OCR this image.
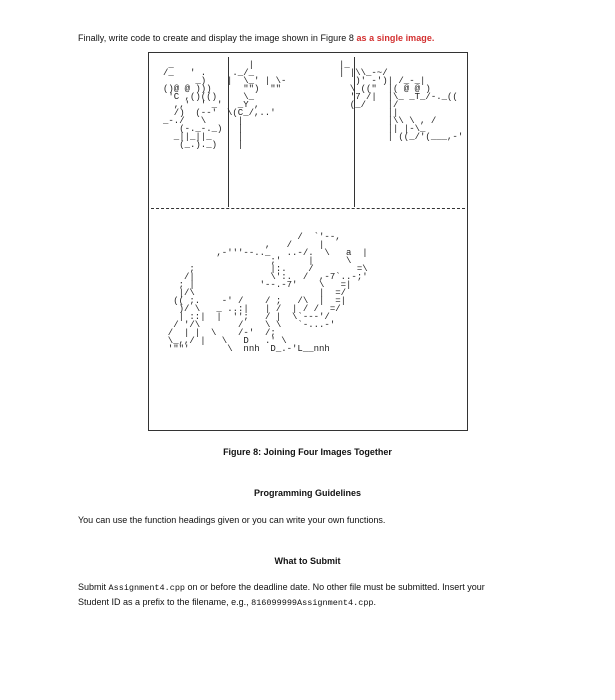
Finally, write code to create and display the image shown in Figure 8 as a single image.
_
/_   ' .
_)
()@ @ )))
'C ,()(()
,,'  ' _'
/)  (--'
_-./   \
(-._-._)
_||_||_
(_.)._)
|
._/_
|  \_' | \-
"")  ""
\_
_Y ,
\(C_/,..'
|
|
|
|
|_
| |\\_-~/
)' -')| /_-_|
\ (("  |( @ @ )
'7 /|  |\_ _T_/-._((
(_/    |/
||
|\\ \ , /
|| |-\_
| ((_/'(___,-'
/  `'--,
,   /     |
,-'''--.._   ..-/.  \   a  |
;'     |      \
;              |:.    /        =\
/|              \':.  /  ,-7`..-;'
; |            '--.-7'    \   =|
|/\                       |  =/
(( ;.    -' /    / ;   /\  |  =|
)/ \   _ ..:|   | /  | / /  =/
| ::|  |  '';   / |  \`---'/
/ '/\       /    \ \   `-...-'
/  | |  \    /-'  /;
\_,,/ |   \   D   .' \
'""'       \  nnh  D_.-'L__nnh
Figure 8: Joining Four Images Together
Programming Guidelines
You can use the function headings given or you can write your own functions.
What to Submit
Submit Assignment4.cpp on or before the deadline date. No other file must be submitted. Insert your
Student ID as a prefix to the filename, e.g., 816099999Assignment4.cpp.
